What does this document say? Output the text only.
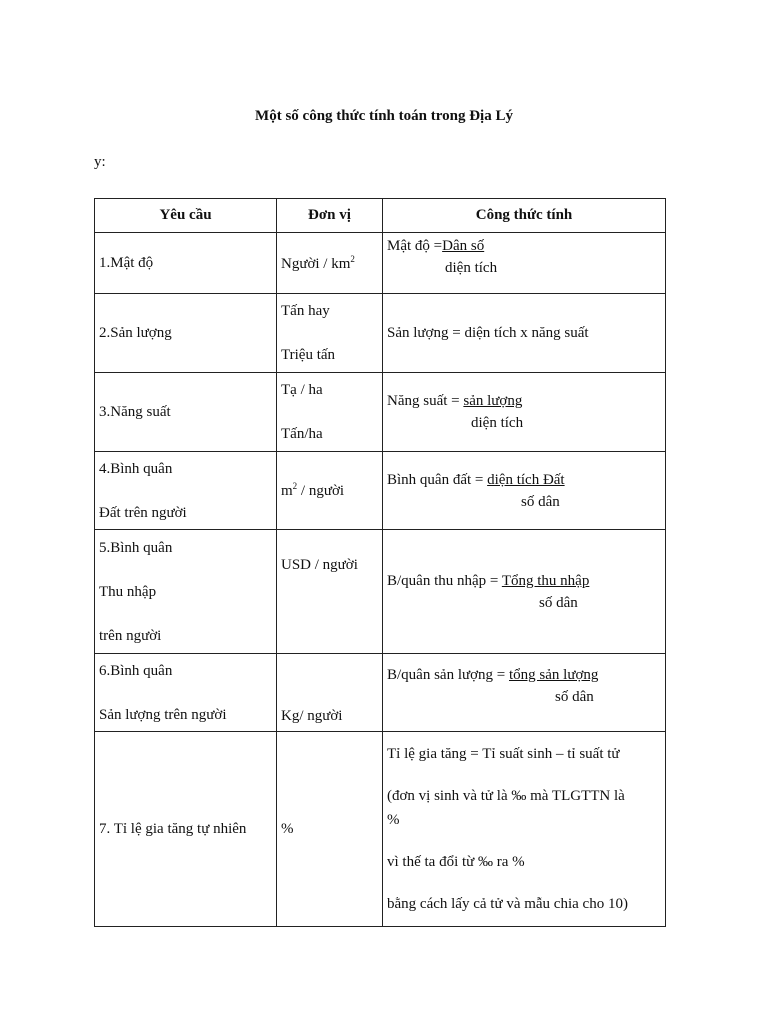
Một số công thức tính toán trong Địa Lý
y:
Yêu cầu	Đơn vị	Công thức tính

1.Mật độ	Người / $km^2$	Mật độ =Dân số
diện tích

2.Sản lượng	Tấn hay
Triệu tấn	Sản lượng = diện tích x năng suất

3.Năng suất	Tạ / ha
Tấn/ha	Năng suất = sản lượng
diện tích

4.Bình quân
Đất trên người	$m^2$ / người	Bình quân đất = diện tích Đất
số dân

5.Bình quân
Thu nhập
trên người	USD / người	B/quân thu nhập = Tổng thu nhập
số dân

6.Bình quân
Sản lượng trên người	Kg/ người	B/quân sản lượng = tổng sản lượng
số dân

7. Tỉ lệ gia tăng tự nhiên	%	Tỉ lệ gia tăng = Tỉ suất sinh – tỉ suất tử
(đơn vị sinh và tử là ‰ mà TLGTTN là
%
vì thế ta đổi từ ‰ ra %
bằng cách lấy cả tử và mẫu chia cho 10)
